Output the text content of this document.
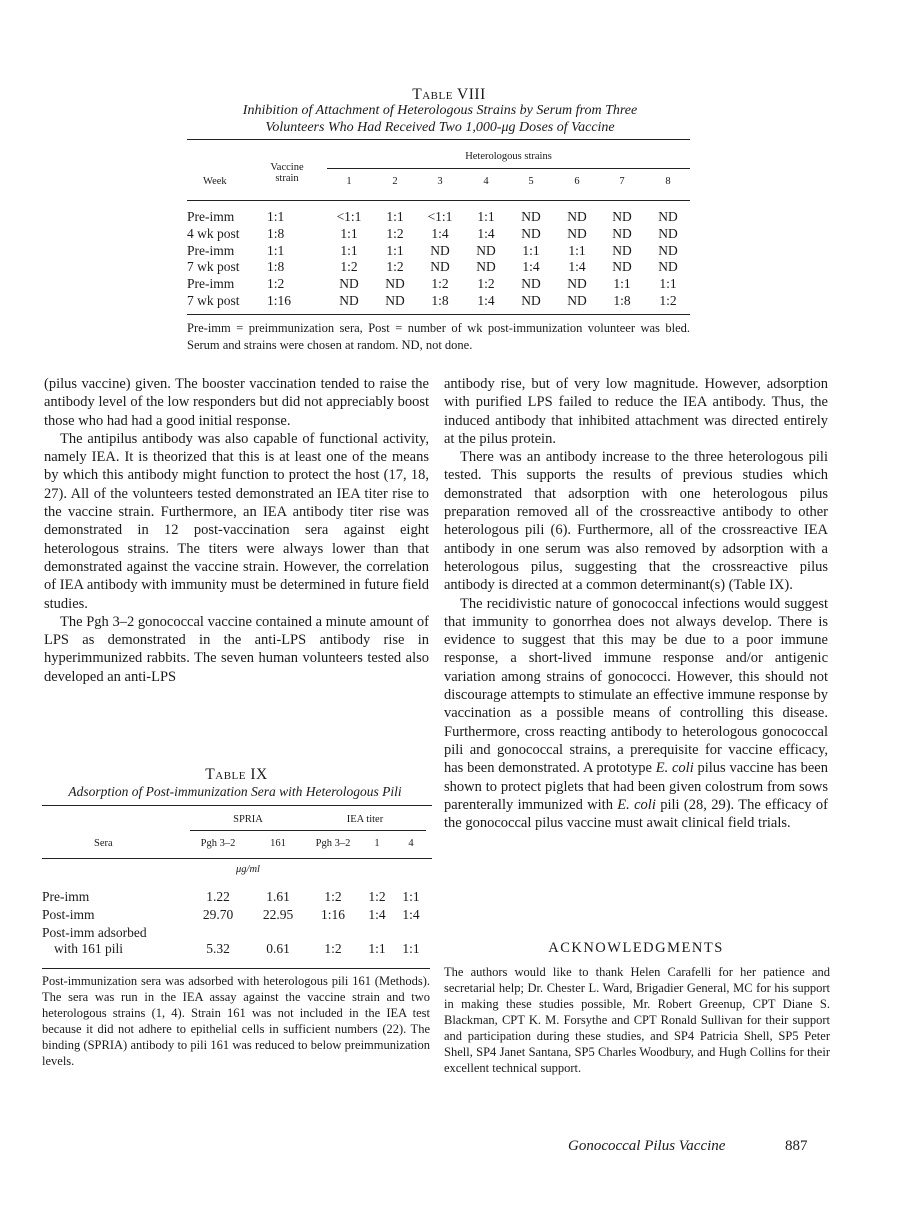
Table VIII
Inhibition of Attachment of Heterologous Strains by Serum from Three
Volunteers Who Had Received Two 1,000-μg Doses of Vaccine
Week
Vaccine
strain
Heterologous strains
1	2	3	4	5	6	7	8
Pre-imm 1:1	<1:1	1:1	<1:1	1:1	ND	ND	ND	ND
4 wk post 1:8	1:1	1:2	1:4	1:4	ND	ND	ND	ND
Pre-imm 1:1	1:1	1:1	ND	ND	1:1	1:1	ND	ND
7 wk post 1:8	1:2	1:2	ND	ND	1:4	1:4	ND	ND
Pre-imm 1:2	ND	ND	1:2	1:2	ND	ND	1:1	1:1
7 wk post 1:16	ND	ND	1:8	1:4	ND	ND	1:8	1:2
Pre-imm = preimmunization sera, Post = number of wk post-immunization volunteer was bled. Serum and strains were chosen at random. ND, not done.

(pilus vaccine) given. The booster vaccination tended to raise the antibody level of the low responders but did not appreciably boost those who had had a good initial response.

The antipilus antibody was also capable of functional activity, namely IEA. It is theorized that this is at least one of the means by which this antibody might function to protect the host (17, 18, 27). All of the volunteers tested demonstrated an IEA titer rise to the vaccine strain. Furthermore, an IEA antibody titer rise was demonstrated in 12 post-vaccination sera against eight heterologous strains. The titers were always lower than that demonstrated against the vaccine strain. However, the correlation of IEA antibody with immunity must be determined in future field studies.

The Pgh 3–2 gonococcal vaccine contained a minute amount of LPS as demonstrated in the anti-LPS antibody rise in hyperimmunized rabbits. The seven human volunteers tested also developed an anti-LPS

Table IX
Adsorption of Post-immunization Sera with Heterologous Pili
Sera
SPRIA	IEA titer
Pgh 3–2	161	Pgh 3–2	1	4
μg/ml
Pre-imm	1.22	1.61	1:2	1:2	1:1
Post-imm	29.70	22.95	1:16	1:4	1:4
Post-imm adsorbed
with 161 pili	5.32	0.61	1:2	1:1	1:1
Post-immunization sera was adsorbed with heterologous pili 161 (Methods). The sera was run in the IEA assay against the vaccine strain and two heterologous strains (1, 4). Strain 161 was not included in the IEA test because it did not adhere to epithelial cells in sufficient numbers (22). The binding (SPRIA) antibody to pili 161 was reduced to below preimmunization levels.

antibody rise, but of very low magnitude. However, adsorption with purified LPS failed to reduce the IEA antibody. Thus, the induced antibody that inhibited attachment was directed entirely at the pilus protein.

There was an antibody increase to the three heterologous pili tested. This supports the results of previous studies which demonstrated that adsorption with one heterologous pilus preparation removed all of the crossreactive antibody to other heterologous pili (6). Furthermore, all of the crossreactive IEA antibody in one serum was also removed by adsorption with a heterologous pilus, suggesting that the crossreactive pilus antibody is directed at a common determinant(s) (Table IX).

The recidivistic nature of gonococcal infections would suggest that immunity to gonorrhea does not always develop. There is evidence to suggest that this may be due to a poor immune response, a short-lived immune response and/or antigenic variation among strains of gonococci. However, this should not discourage attempts to stimulate an effective immune response by vaccination as a possible means of controlling this disease. Furthermore, cross reacting antibody to heterologous gonococcal pili and gonococcal strains, a prerequisite for vaccine efficacy, has been demonstrated. A prototype E. coli pilus vaccine has been shown to protect piglets that had been given colostrum from sows parenterally immunized with E. coli pili (28, 29). The efficacy of the gonococcal pilus vaccine must await clinical field trials.

ACKNOWLEDGMENTS
The authors would like to thank Helen Carafelli for her patience and secretarial help; Dr. Chester L. Ward, Brigadier General, MC for his support in making these studies possible, Mr. Robert Greenup, CPT Diane S. Blackman, CPT K. M. Forsythe and CPT Ronald Sullivan for their support and participation during these studies, and SP4 Patricia Shell, SP5 Peter Shell, SP4 Janet Santana, SP5 Charles Woodbury, and Hugh Collins for their excellent technical support.
Gonococcal Pilus Vaccine	887
